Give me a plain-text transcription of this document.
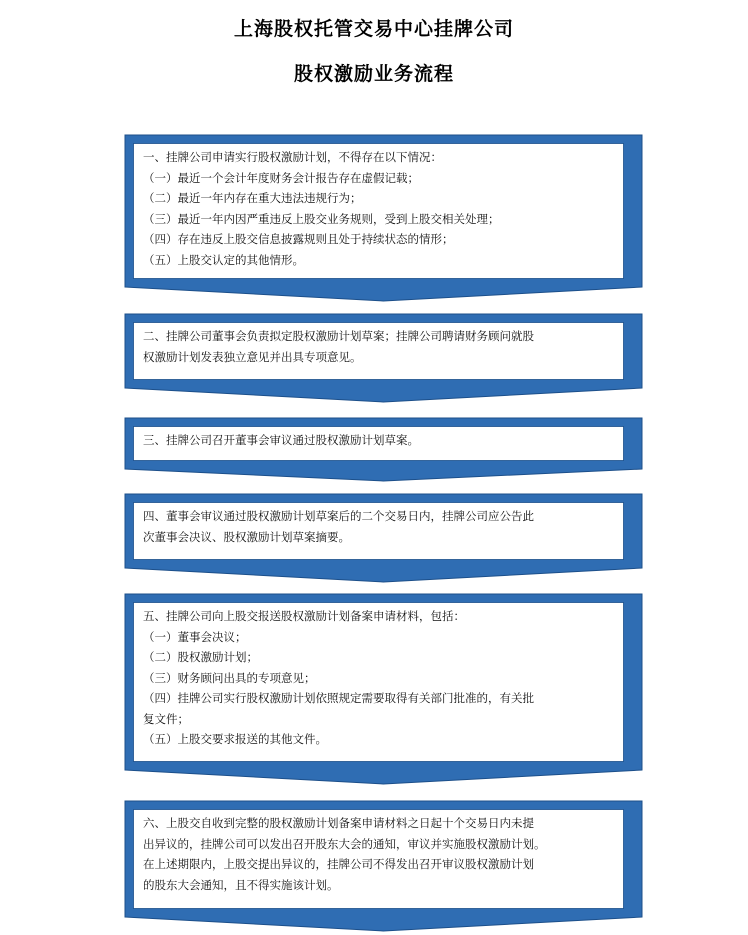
上海股权托管交易中心挂牌公司
股权激励业务流程
一、挂牌公司申请实行股权激励计划，不得存在以下情况：
（一）最近一个会计年度财务会计报告存在虚假记载；
（二）最近一年内存在重大违法违规行为；
（三）最近一年内因严重违反上股交业务规则，受到上股交相关处理；
（四）存在违反上股交信息披露规则且处于持续状态的情形；
（五）上股交认定的其他情形。
二、挂牌公司董事会负责拟定股权激励计划草案；挂牌公司聘请财务顾问就股
权激励计划发表独立意见并出具专项意见。
三、挂牌公司召开董事会审议通过股权激励计划草案。
四、董事会审议通过股权激励计划草案后的二个交易日内，挂牌公司应公告此
次董事会决议、股权激励计划草案摘要。
五、挂牌公司向上股交报送股权激励计划备案申请材料，包括：
（一）董事会决议；
（二）股权激励计划；
（三）财务顾问出具的专项意见；
（四）挂牌公司实行股权激励计划依照规定需要取得有关部门批准的，有关批
复文件；
（五）上股交要求报送的其他文件。
六、上股交自收到完整的股权激励计划备案申请材料之日起十个交易日内未提
出异议的，挂牌公司可以发出召开股东大会的通知，审议并实施股权激励计划。
在上述期限内，上股交提出异议的，挂牌公司不得发出召开审议股权激励计划
的股东大会通知，且不得实施该计划。
